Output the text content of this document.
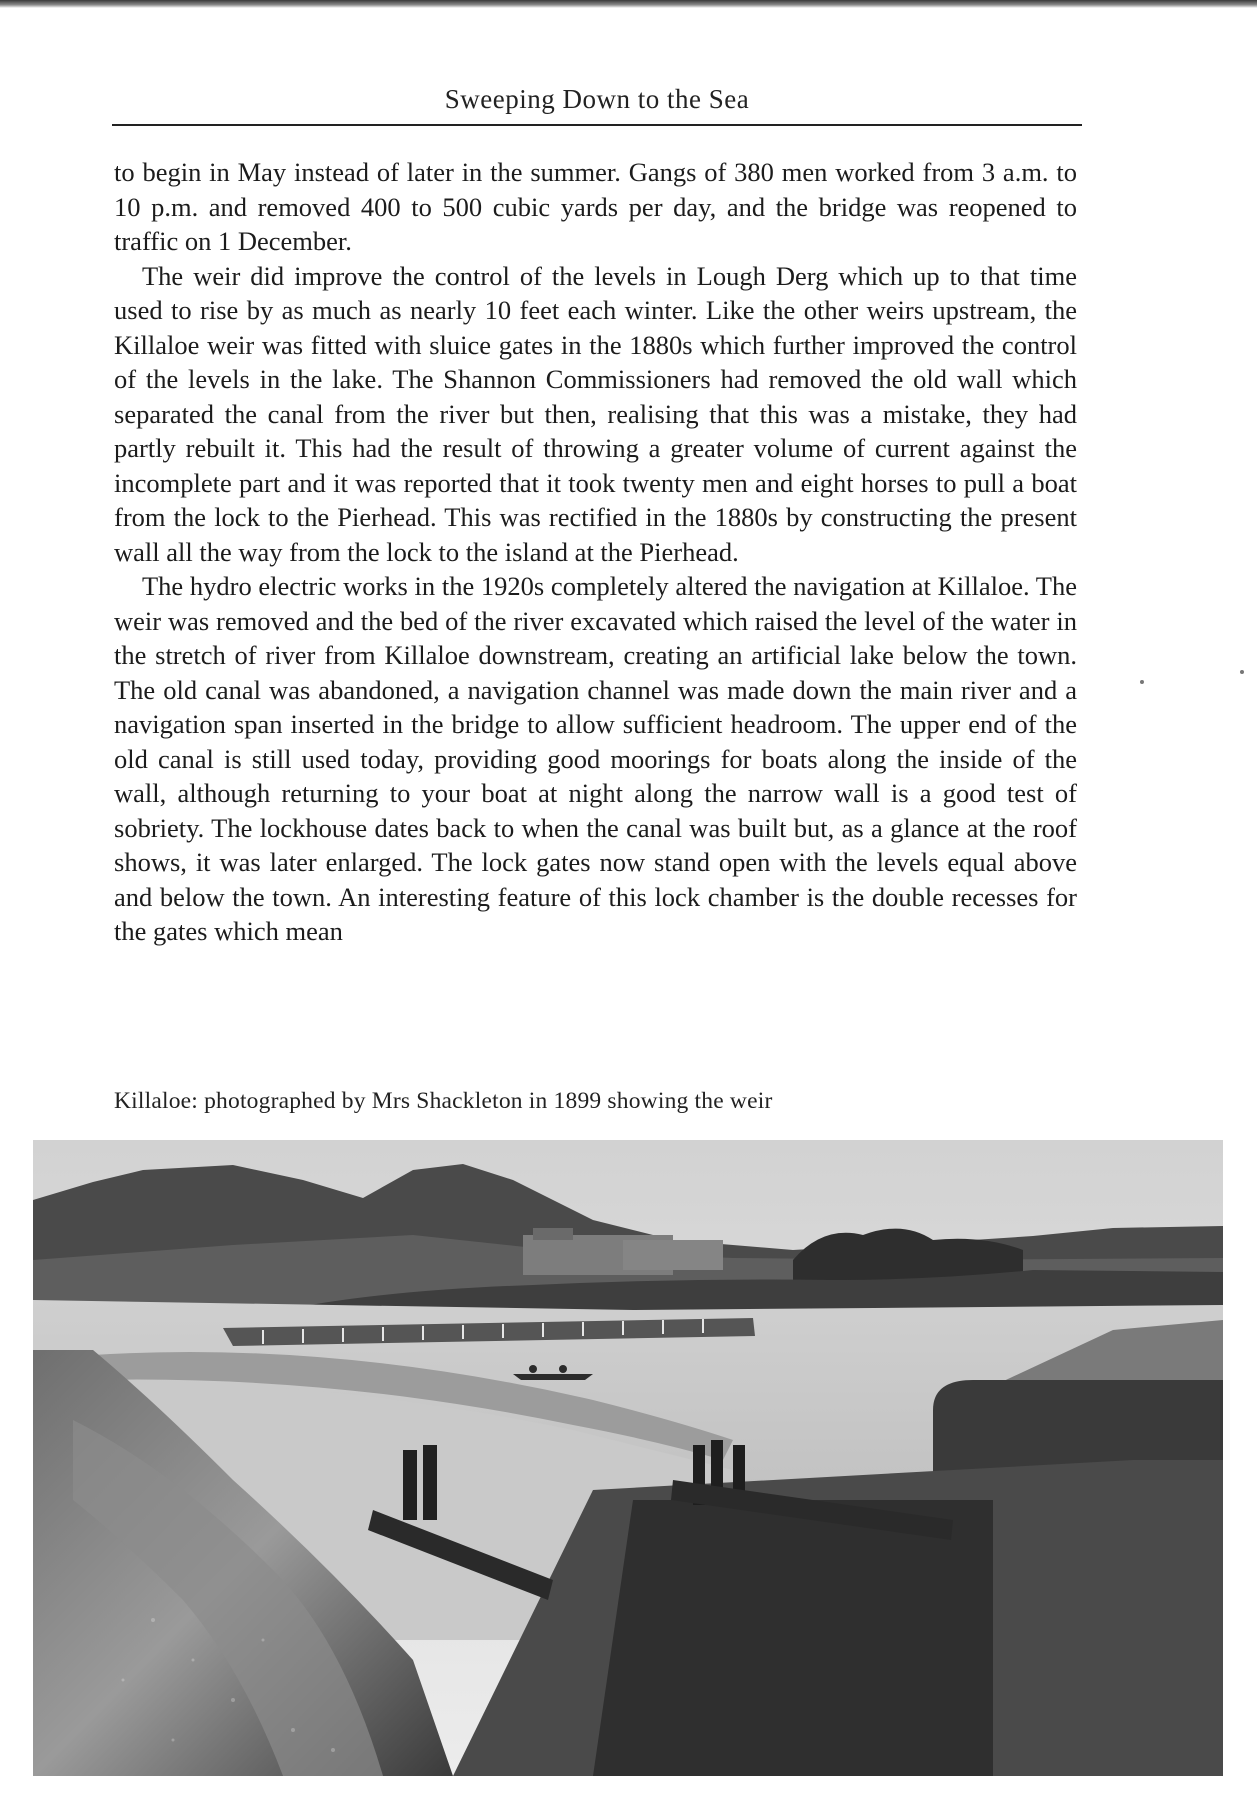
Sweeping Down to the Sea

to begin in May instead of later in the summer. Gangs of 380 men worked from 3 a.m. to 10 p.m. and removed 400 to 500 cubic yards per day, and the bridge was reopened to traffic on 1 December.

The weir did improve the control of the levels in Lough Derg which up to that time used to rise by as much as nearly 10 feet each winter. Like the other weirs upstream, the Killaloe weir was fitted with sluice gates in the 1880s which further improved the control of the levels in the lake. The Shannon Commissioners had removed the old wall which separated the canal from the river but then, realising that this was a mistake, they had partly rebuilt it. This had the result of throwing a greater volume of current against the incomplete part and it was reported that it took twenty men and eight horses to pull a boat from the lock to the Pierhead. This was rectified in the 1880s by constructing the present wall all the way from the lock to the island at the Pierhead.

The hydro electric works in the 1920s completely altered the navigation at Killaloe. The weir was removed and the bed of the river excavated which raised the level of the water in the stretch of river from Killaloe downstream, creating an artificial lake below the town. The old canal was abandoned, a navigation channel was made down the main river and a navigation span inserted in the bridge to allow sufficient headroom. The upper end of the old canal is still used today, providing good moorings for boats along the inside of the wall, although returning to your boat at night along the narrow wall is a good test of sobriety. The lockhouse dates back to when the canal was built but, as a glance at the roof shows, it was later enlarged. The lock gates now stand open with the levels equal above and below the town. An interesting feature of this lock chamber is the double recesses for the gates which mean

Killaloe: photographed by Mrs Shackleton in 1899 showing the weir
